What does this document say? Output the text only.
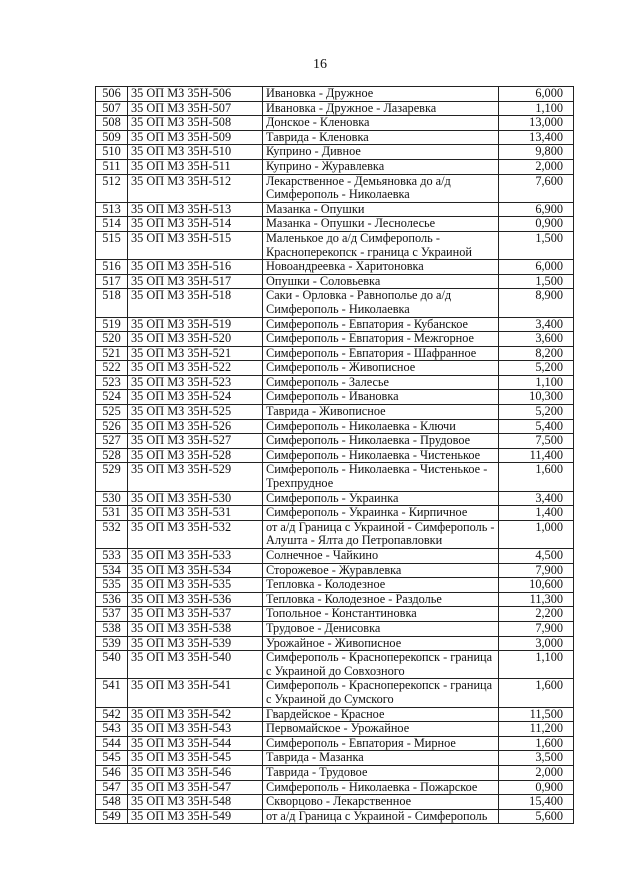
16
506	35 ОП МЗ 35Н-506	Ивановка - Дружное	6,000
507	35 ОП МЗ 35Н-507	Ивановка - Дружное - Лазаревка	1,100
508	35 ОП МЗ 35Н-508	Донское - Кленовка	13,000
509	35 ОП МЗ 35Н-509	Таврида - Кленовка	13,400
510	35 ОП МЗ 35Н-510	Куприно - Дивное	9,800
511	35 ОП МЗ 35Н-511	Куприно - Журавлевка	2,000
512	35 ОП МЗ 35Н-512	Лекарственное - Демьяновка до а/д Симферополь - Николаевка	7,600
513	35 ОП МЗ 35Н-513	Мазанка - Опушки	6,900
514	35 ОП МЗ 35Н-514	Мазанка - Опушки - Леснолесье	0,900
515	35 ОП МЗ 35Н-515	Маленькое до а/д Симферополь - Красноперекопск - граница с Украиной	1,500
516	35 ОП МЗ 35Н-516	Новоандреевка - Харитоновка	6,000
517	35 ОП МЗ 35Н-517	Опушки - Соловьевка	1,500
518	35 ОП МЗ 35Н-518	Саки - Орловка - Равнополье до а/д Симферополь - Николаевка	8,900
519	35 ОП МЗ 35Н-519	Симферополь - Евпатория - Кубанское	3,400
520	35 ОП МЗ 35Н-520	Симферополь - Евпатория - Межгорное	3,600
521	35 ОП МЗ 35Н-521	Симферополь - Евпатория - Шафранное	8,200
522	35 ОП МЗ 35Н-522	Симферополь - Живописное	5,200
523	35 ОП МЗ 35Н-523	Симферополь - Залесье	1,100
524	35 ОП МЗ 35Н-524	Симферополь - Ивановка	10,300
525	35 ОП МЗ 35Н-525	Таврида - Живописное	5,200
526	35 ОП МЗ 35Н-526	Симферополь - Николаевка - Ключи	5,400
527	35 ОП МЗ 35Н-527	Симферополь - Николаевка - Прудовое	7,500
528	35 ОП МЗ 35Н-528	Симферополь - Николаевка - Чистенькое	11,400
529	35 ОП МЗ 35Н-529	Симферополь - Николаевка - Чистенькое - Трехпрудное	1,600
530	35 ОП МЗ 35Н-530	Симферополь - Украинка	3,400
531	35 ОП МЗ 35Н-531	Симферополь - Украинка - Кирпичное	1,400
532	35 ОП МЗ 35Н-532	от а/д Граница с Украиной - Симферополь - Алушта - Ялта до Петропавловки	1,000
533	35 ОП МЗ 35Н-533	Солнечное - Чайкино	4,500
534	35 ОП МЗ 35Н-534	Сторожевое - Журавлевка	7,900
535	35 ОП МЗ 35Н-535	Тепловка - Колодезное	10,600
536	35 ОП МЗ 35Н-536	Тепловка - Колодезное - Раздолье	11,300
537	35 ОП МЗ 35Н-537	Топольное - Константиновка	2,200
538	35 ОП МЗ 35Н-538	Трудовое - Денисовка	7,900
539	35 ОП МЗ 35Н-539	Урожайное - Живописное	3,000
540	35 ОП МЗ 35Н-540	Симферополь - Красноперекопск - граница с Украиной до Совхозного	1,100
541	35 ОП МЗ 35Н-541	Симферополь - Красноперекопск - граница с Украиной до Сумского	1,600
542	35 ОП МЗ 35Н-542	Гвардейское - Красное	11,500
543	35 ОП МЗ 35Н-543	Первомайское - Урожайное	11,200
544	35 ОП МЗ 35Н-544	Симферополь - Евпатория - Мирное	1,600
545	35 ОП МЗ 35Н-545	Таврида - Мазанка	3,500
546	35 ОП МЗ 35Н-546	Таврида - Трудовое	2,000
547	35 ОП МЗ 35Н-547	Симферополь - Николаевка - Пожарское	0,900
548	35 ОП МЗ 35Н-548	Скворцово - Лекарственное	15,400
549	35 ОП МЗ 35Н-549	от а/д Граница с Украиной - Симферополь	5,600
